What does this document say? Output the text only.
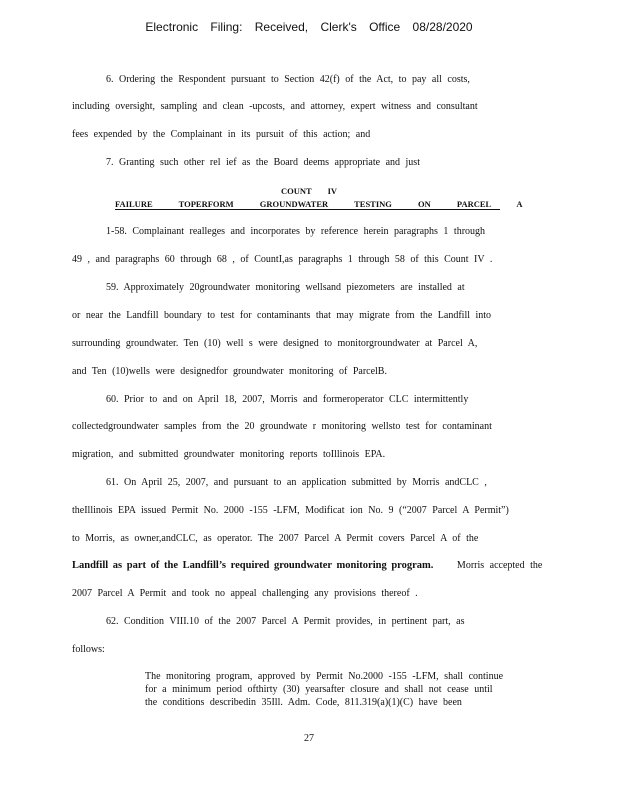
Electronic Filing: Received, Clerk's Office 08/28/2020
6. Ordering the Respondent pursuant to Section 42(f) of the Act, to pay all costs,
including oversight, sampling and clean -upcosts, and attorney, expert witness and consultant
fees expended by the Complainant in its pursuit of this action; and
7. Granting such other rel ief as the Board deems appropriate and just
COUNT IV
FAILURE TOPERFORM GROUNDWATER TESTING ON PARCEL A
1-58. Complainant realleges and incorporates by reference herein paragraphs 1 through
49 , and paragraphs 60 through 68 , of CountI,as paragraphs 1 through 58 of this Count IV .
59. Approximately 20groundwater monitoring wellsand piezometers are installed at
or near the Landfill boundary to test for contaminants that may migrate from the Landfill into
surrounding groundwater. Ten (10) well s were designed to monitorgroundwater at Parcel A,
and Ten (10)wells were designedfor groundwater monitoring of ParcelB.
60. Prior to and on April 18, 2007, Morris and formeroperator CLC intermittently
collectedgroundwater samples from the 20 groundwate r monitoring wellsto test for contaminant
migration, and submitted groundwater monitoring reports toIllinois EPA.
61. On April 25, 2007, and pursuant to an application submitted by Morris andCLC ,
theIllinois EPA issued Permit No. 2000 -155 -LFM, Modificat ion No. 9 (“2007 Parcel A Permit”)
to Morris, as owner,andCLC, as operator. The 2007 Parcel A Permit covers Parcel A of the
Landfill as part of the Landfill’s required groundwater monitoring program. Morris accepted the
2007 Parcel A Permit and took no appeal challenging any provisions thereof .
62. Condition VIII.10 of the 2007 Parcel A Permit provides, in pertinent part, as
follows:
The monitoring program, approved by Permit No.2000 -155 -LFM, shall continue
for a minimum period ofthirty (30) yearsafter closure and shall not cease until
the conditions describedin 35Ill. Adm. Code, 811.319(a)(1)(C) have been
27
